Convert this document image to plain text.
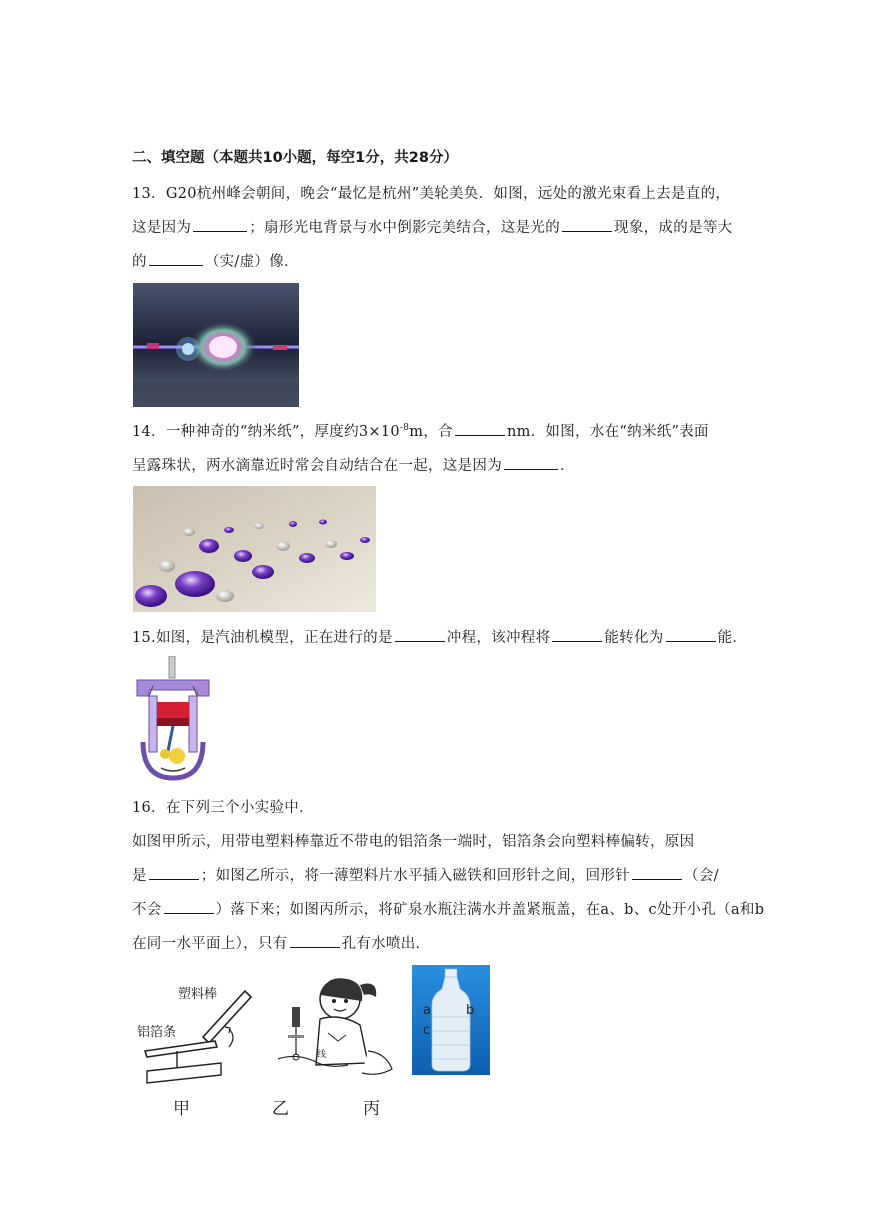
二、填空题（本题共10小题，每空1分，共28分）
13．G20杭州峰会朝间，晚会“最忆是杭州”美轮美奂．如图，远处的激光束看上去是直的，
这是因为	；扇形光电背景与水中倒影完美结合，这是光的	现象，成的是等大
的	（实/虚）像．
14．一种神奇的“纳米纸”，厚度约$3\times 10^{-8}m$，合	nm．如图，水在“纳米纸”表面
呈露珠状，两水滴靠近时常会自动结合在一起，这是因为	．
15.如图，是汽油机模型，正在进行的是	冲程，该冲程将	能转化为	能．
16．在下列三个小实验中．
如图甲所示，用带电塑料棒靠近不带电的铝箔条一端时，铝箔条会向塑料棒偏转，原因
是	；如图乙所示，将一薄塑料片水平插入磁铁和回形针之间，回形针	（会/
不会	）落下来；如图丙所示，将矿泉水瓶注满水并盖紧瓶盖，在a、b、c处开小孔（a和b
在同一水平面上），只有	孔有水喷出．
塑料棒
铝箔条
甲
线
乙	丙
a	b
c
